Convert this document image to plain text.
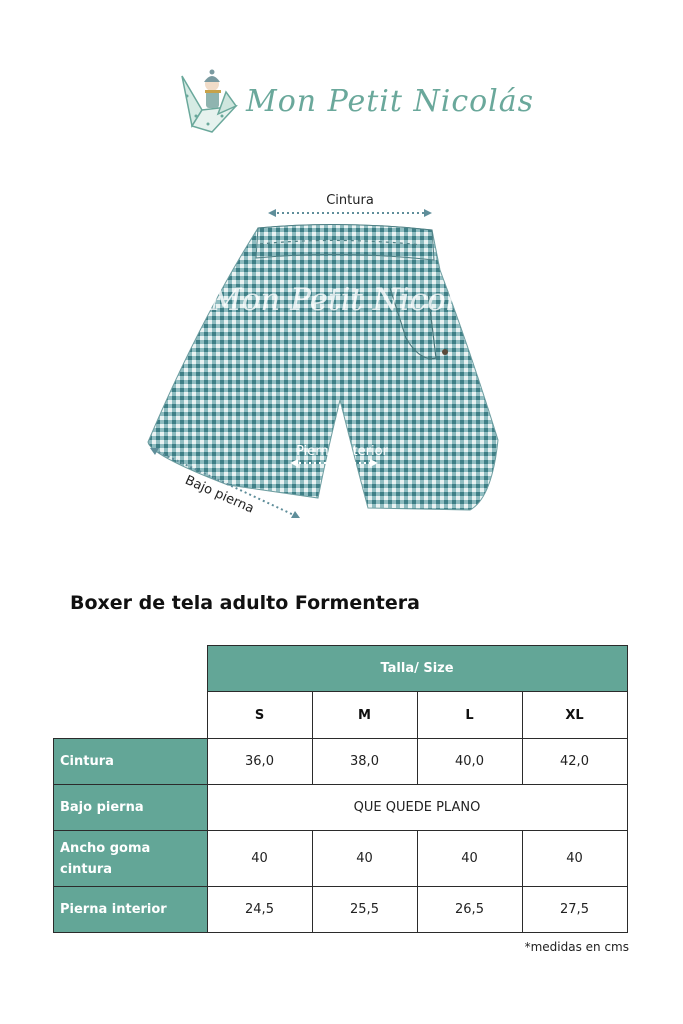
Mon Petit Nicolás
Mon Petit Nicolás
Cintura
Pierna interior
Bajo pierna
Boxer de tela adulto Formentera
	Talla/ Size			
	S	M	L	XL
Cintura	36,0	38,0	40,0	42,0
Bajo pierna	QUE QUEDE PLANO			
Ancho goma
cintura	40	40	40	40
Pierna interior	24,5	25,5	26,5	27,5
*medidas en cms
